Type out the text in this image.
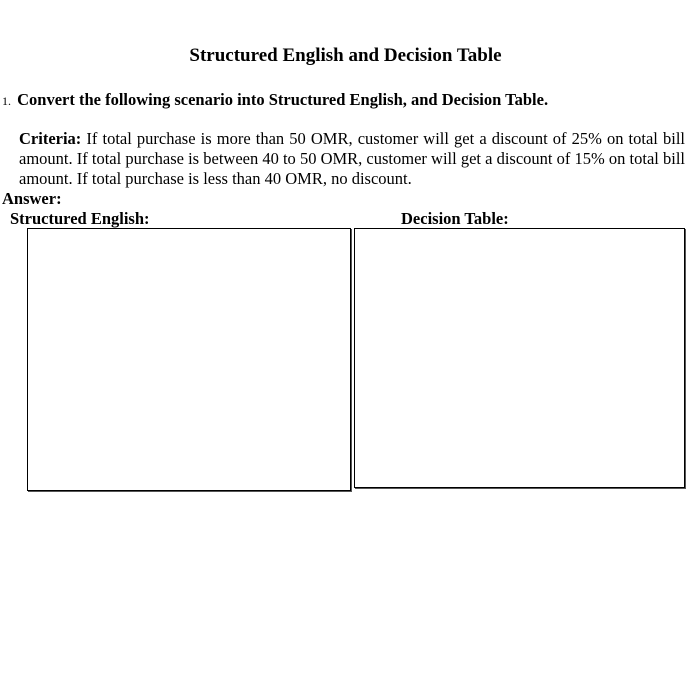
Structured English and Decision Table
1. Convert the following scenario into Structured English, and Decision Table.
Criteria: If total purchase is more than 50 OMR, customer will get a discount of 25% on total bill amount. If total purchase is between 40 to 50 OMR, customer will get a discount of 15% on total bill amount. If total purchase is less than 40 OMR, no discount.
Answer:
Structured English:	Decision Table:
